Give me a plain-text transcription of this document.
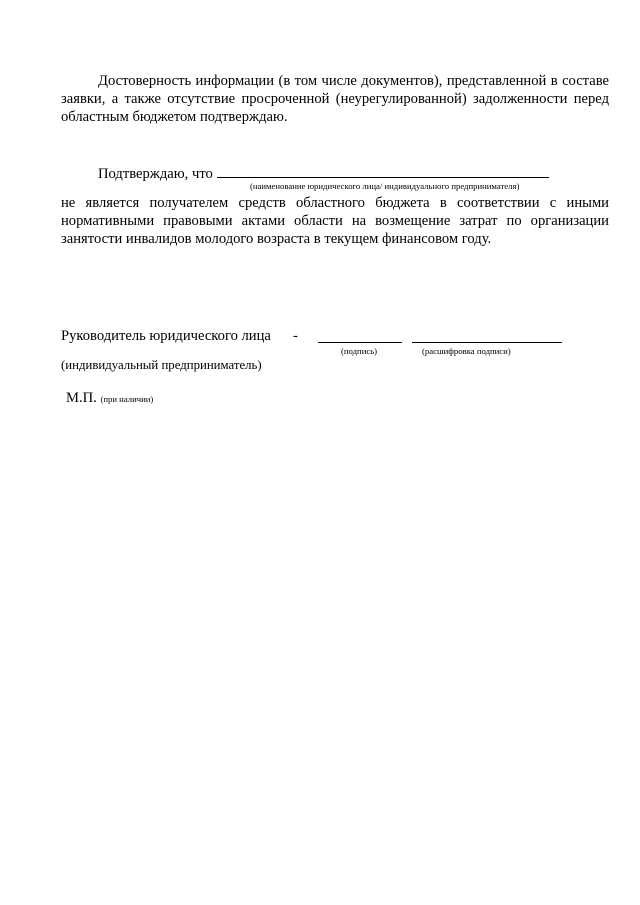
Достоверность информации (в том числе документов), представленной в составе заявки, а также отсутствие просроченной (неурегулированной) задолженности перед областным бюджетом подтверждаю.

Подтверждаю, что
(наименование юридического лица/ индивидуального предпринимателя)

не является получателем средств областного бюджета в соответствии с иными нормативными правовыми актами области на возмещение затрат по организации занятости инвалидов молодого возраста в текущем финансовом году.

Руководитель юридического лица -
(подпись)	(расшифровка подписи)
(индивидуальный предприниматель)
М.П. (при наличии)
